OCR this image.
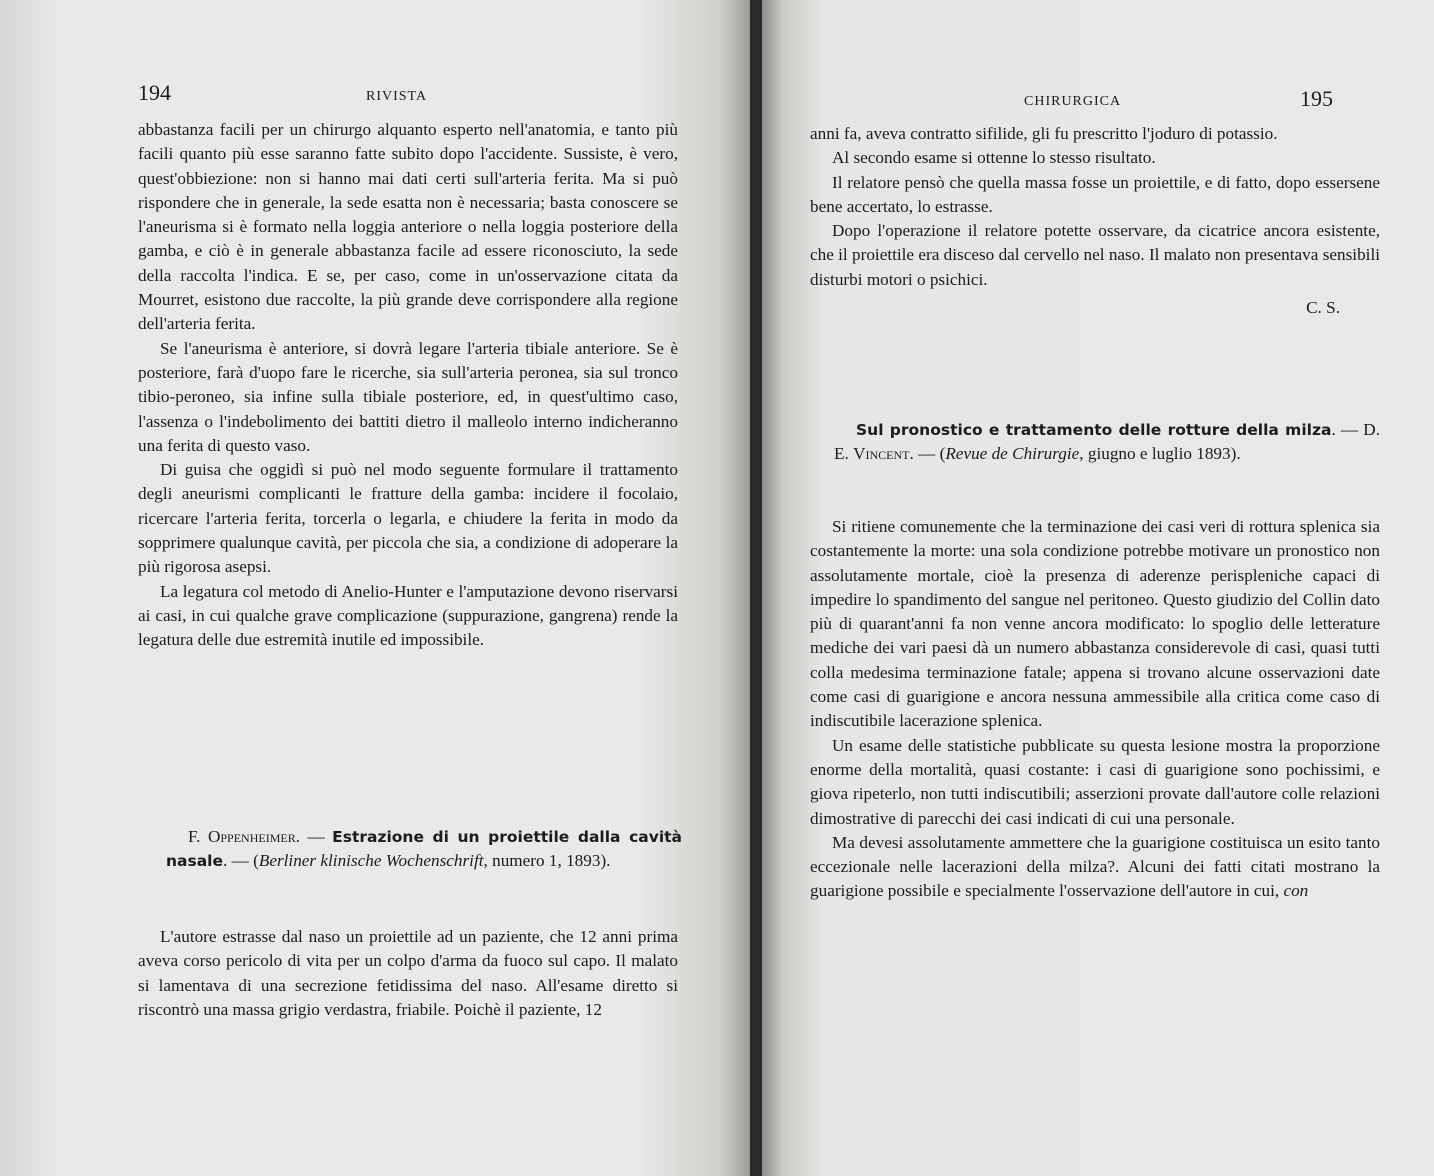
194	RIVISTA

abbastanza facili per un chirurgo alquanto esperto nell'anatomia, e tanto più facili quanto più esse saranno fatte subito dopo l'accidente. Sussiste, è vero, quest'obbiezione: non si hanno mai dati certi sull'arteria ferita. Ma si può rispondere che in generale, la sede esatta non è necessaria; basta conoscere se l'aneurisma si è formato nella loggia anteriore o nella loggia posteriore della gamba, e ciò è in generale abbastanza facile ad essere riconosciuto, la sede della raccolta l'indica. E se, per caso, come in un'osservazione citata da Mourret, esistono due raccolte, la più grande deve corrispondere alla regione dell'arteria ferita.

Se l'aneurisma è anteriore, si dovrà legare l'arteria tibiale anteriore. Se è posteriore, farà d'uopo fare le ricerche, sia sull'arteria peronea, sia sul tronco tibio-peroneo, sia infine sulla tibiale posteriore, ed, in quest'ultimo caso, l'assenza o l'indebolimento dei battiti dietro il malleolo interno indicheranno una ferita di questo vaso.

Di guisa che oggidì si può nel modo seguente formulare il trattamento degli aneurismi complicanti le fratture della gamba: incidere il focolaio, ricercare l'arteria ferita, torcerla o legarla, e chiudere la ferita in modo da sopprimere qualunque cavità, per piccola che sia, a condizione di adoperare la più rigorosa asepsi.

La legatura col metodo di Anelio-Hunter e l'amputazione devono riservarsi ai casi, in cui qualche grave complicazione (suppurazione, gangrena) rende la legatura delle due estremità inutile ed impossibile.

F. Oppenheimer. — Estrazione di un proiettile dalla cavità nasale. — (Berliner klinische Wochenschrift, numero 1, 1893).

L'autore estrasse dal naso un proiettile ad un paziente, che 12 anni prima aveva corso pericolo di vita per un colpo d'arma da fuoco sul capo. Il malato si lamentava di una secrezione fetidissima del naso. All'esame diretto si riscontrò una massa grigio verdastra, friabile. Poichè il paziente, 12

CHIRURGICA	195

anni fa, aveva contratto sifilide, gli fu prescritto l'joduro di potassio.

Al secondo esame si ottenne lo stesso risultato.

Il relatore pensò che quella massa fosse un proiettile, e di fatto, dopo essersene bene accertato, lo estrasse.

Dopo l'operazione il relatore potette osservare, da cicatrice ancora esistente, che il proiettile era disceso dal cervello nel naso. Il malato non presentava sensibili disturbi motori o psichici.

C. S.

Sul pronostico e trattamento delle rotture della milza. — D. E. Vincent. — (Revue de Chirurgie, giugno e luglio 1893).

Si ritiene comunemente che la terminazione dei casi veri di rottura splenica sia costantemente la morte: una sola condizione potrebbe motivare un pronostico non assolutamente mortale, cioè la presenza di aderenze perispleniche capaci di impedire lo spandimento del sangue nel peritoneo. Questo giudizio del Collin dato più di quarant'anni fa non venne ancora modificato: lo spoglio delle letterature mediche dei vari paesi dà un numero abbastanza considerevole di casi, quasi tutti colla medesima terminazione fatale; appena si trovano alcune osservazioni date come casi di guarigione e ancora nessuna ammessibile alla critica come caso di indiscutibile lacerazione splenica.

Un esame delle statistiche pubblicate su questa lesione mostra la proporzione enorme della mortalità, quasi costante: i casi di guarigione sono pochissimi, e giova ripeterlo, non tutti indiscutibili; asserzioni provate dall'autore colle relazioni dimostrative di parecchi dei casi indicati di cui una personale.

Ma devesi assolutamente ammettere che la guarigione costituisca un esito tanto eccezionale nelle lacerazioni della milza?. Alcuni dei fatti citati mostrano la guarigione possibile e specialmente l'osservazione dell'autore in cui, con
